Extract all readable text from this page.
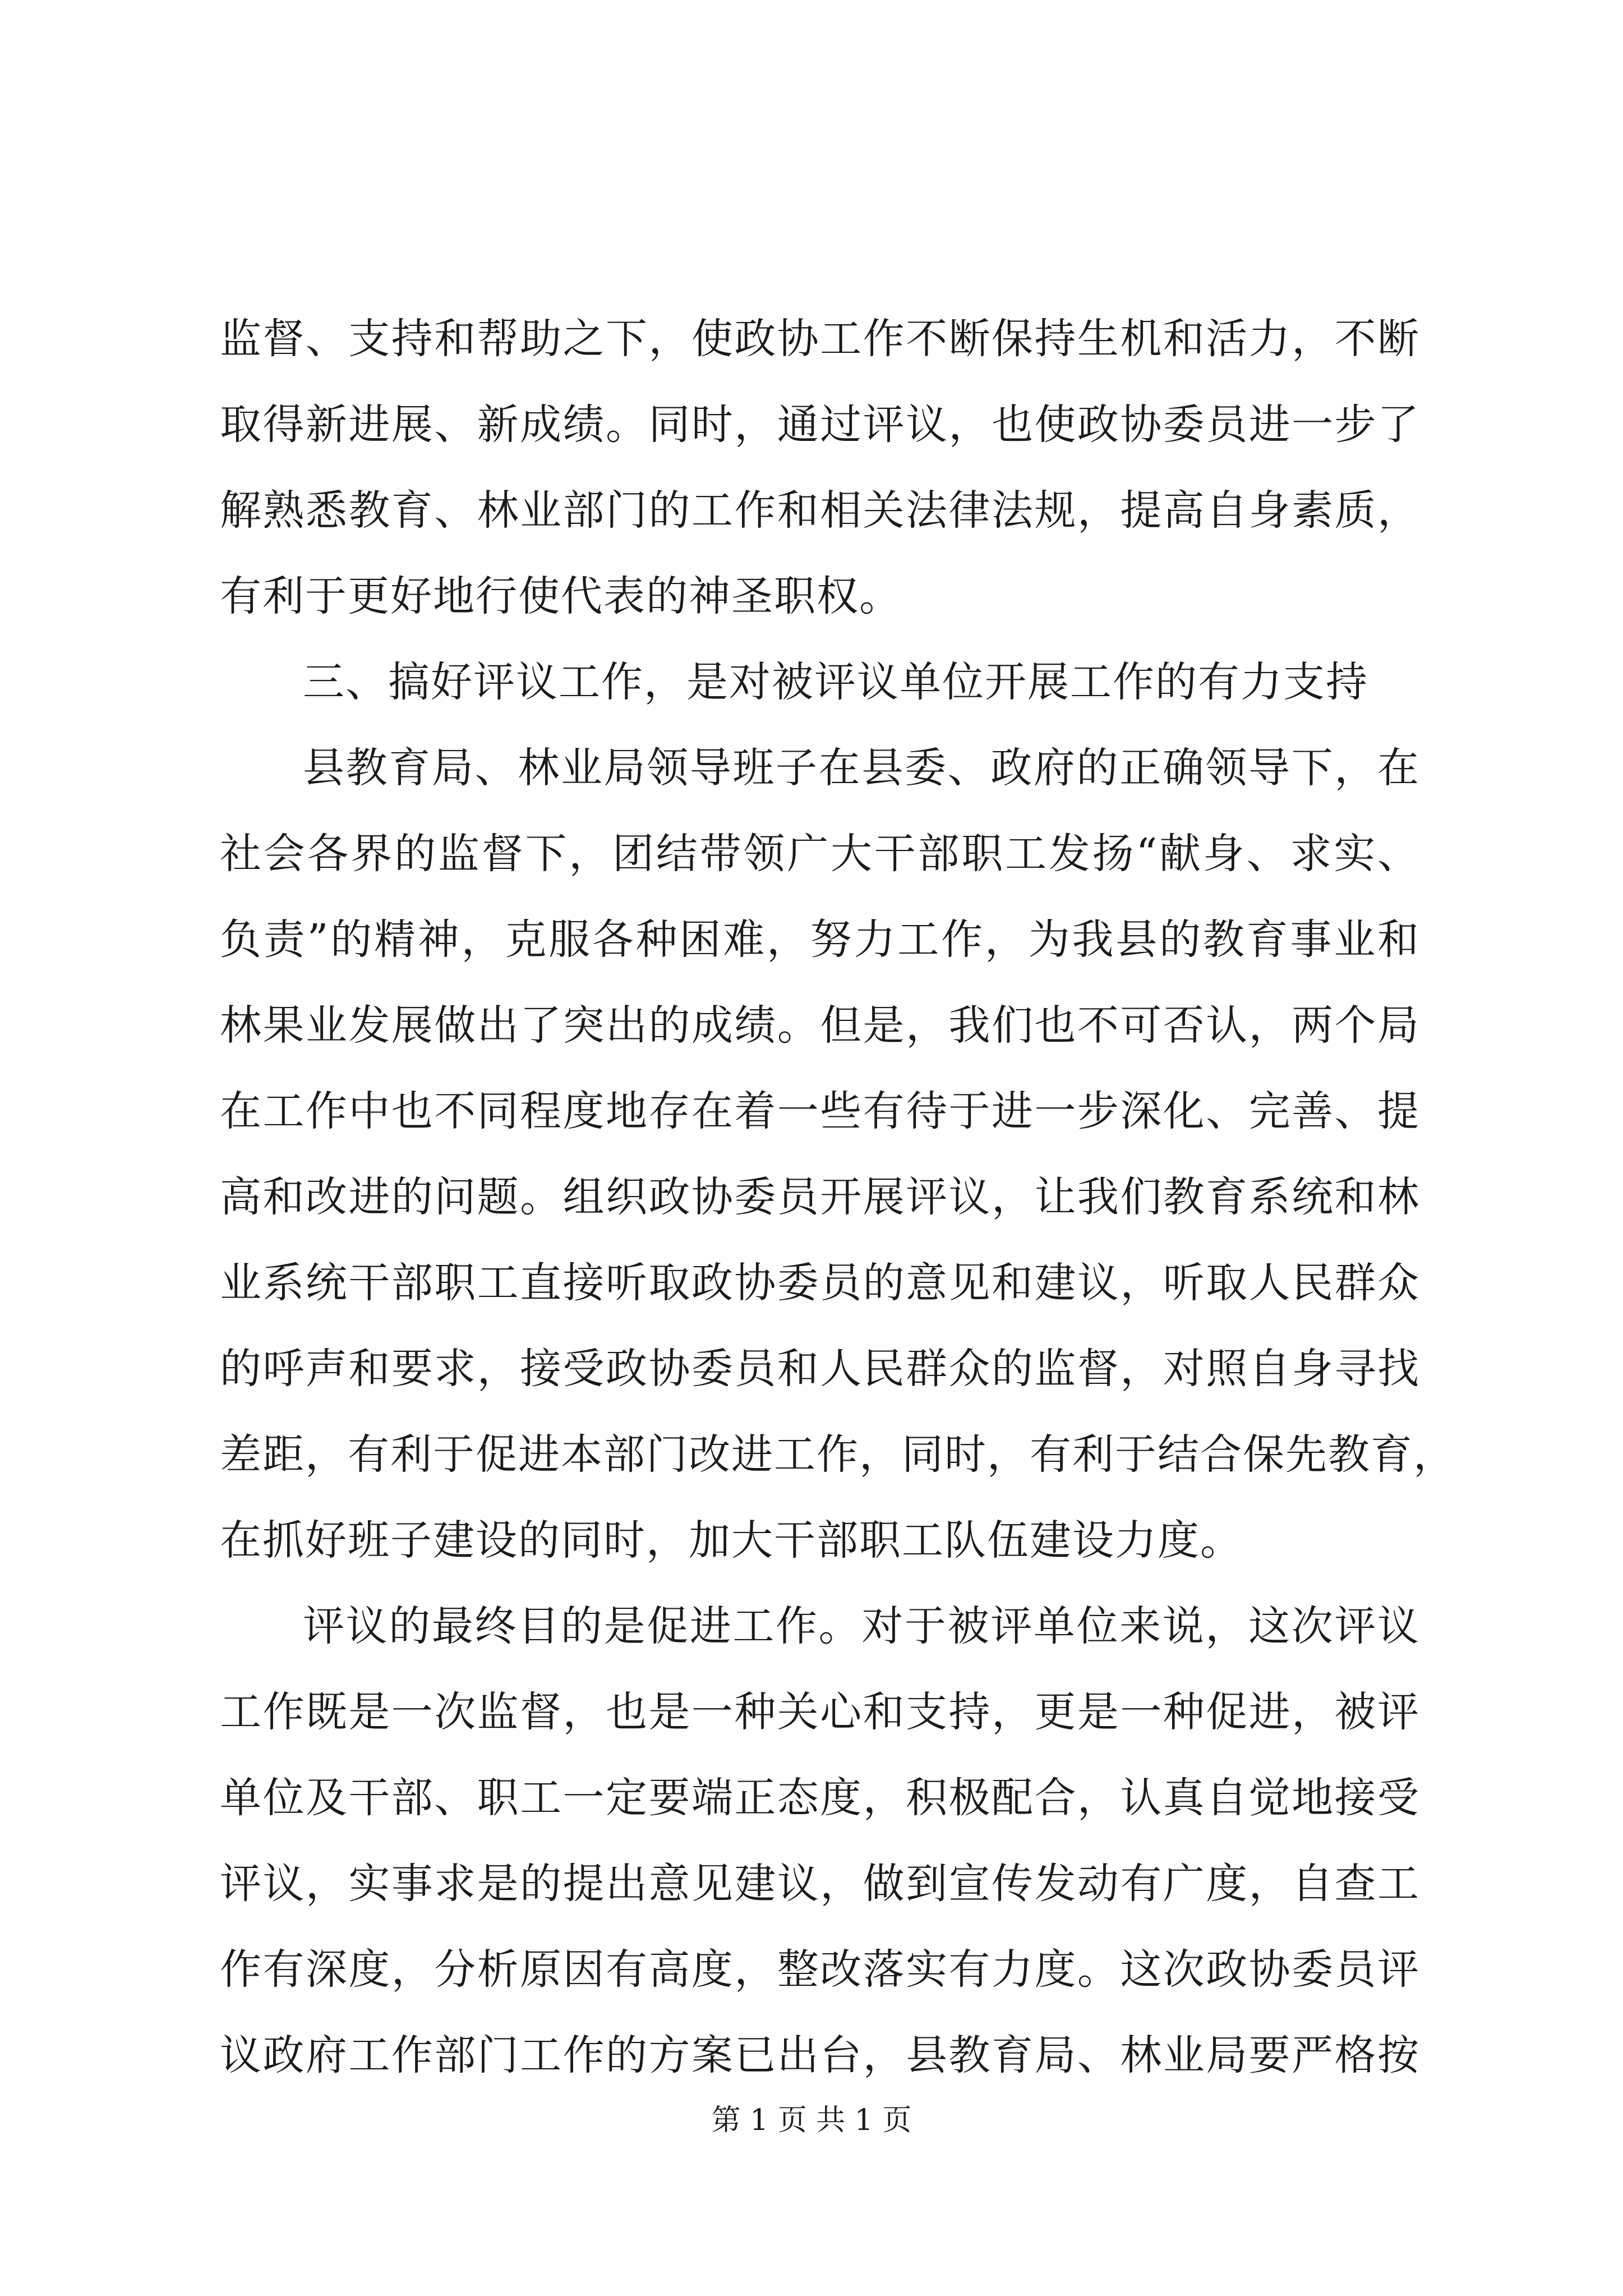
监督、支持和帮助之下，使政协工作不断保持生机和活力，不断
取得新进展、新成绩。同时，通过评议，也使政协委员进一步了
解熟悉教育、林业部门的工作和相关法律法规，提高自身素质，
有利于更好地行使代表的神圣职权。
三、搞好评议工作，是对被评议单位开展工作的有力支持
县教育局、林业局领导班子在县委、政府的正确领导下，在
社会各界的监督下，团结带领广大干部职工发扬“献身、求实、
负责”的精神，克服各种困难，努力工作，为我县的教育事业和
林果业发展做出了突出的成绩。但是，我们也不可否认，两个局
在工作中也不同程度地存在着一些有待于进一步深化、完善、提
高和改进的问题。组织政协委员开展评议，让我们教育系统和林
业系统干部职工直接听取政协委员的意见和建议，听取人民群众
的呼声和要求，接受政协委员和人民群众的监督，对照自身寻找
差距，有利于促进本部门改进工作，同时，有利于结合保先教育，
在抓好班子建设的同时，加大干部职工队伍建设力度。
评议的最终目的是促进工作。对于被评单位来说，这次评议
工作既是一次监督，也是一种关心和支持，更是一种促进，被评
单位及干部、职工一定要端正态度，积极配合，认真自觉地接受
评议，实事求是的提出意见建议，做到宣传发动有广度，自查工
作有深度，分析原因有高度，整改落实有力度。这次政协委员评
议政府工作部门工作的方案已出台，县教育局、林业局要严格按
第 1 页 共 1 页
